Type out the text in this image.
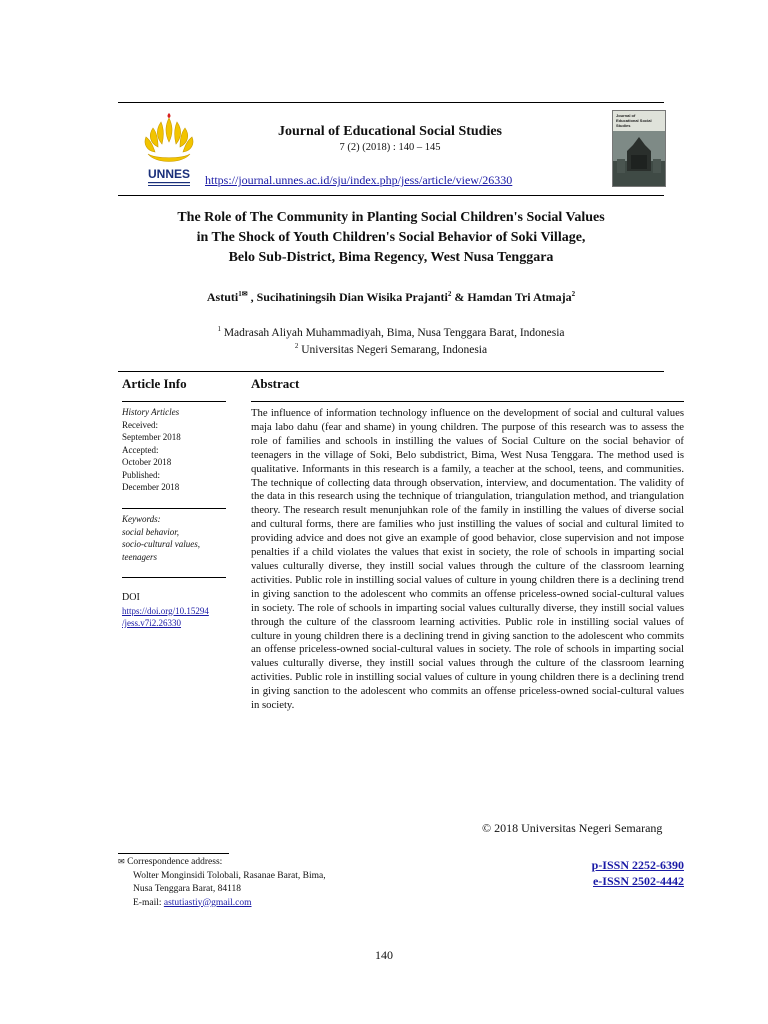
UNNES
Journal of Educational Social Studies
7 (2) (2018) : 140 – 145
https://journal.unnes.ac.id/sju/index.php/jess/article/view/26330
Journal of Educational Social Studies
The Role of The Community in Planting Social Children's Social Values
in The Shock of Youth Children's Social Behavior of Soki Village,
Belo Sub-District, Bima Regency, West Nusa Tenggara
Astuti$^{1✉}$ , Sucihatiningsih Dian Wisika Prajanti$^2$ & Hamdan Tri Atmaja$^2$
$^1$ Madrasah Aliyah Muhammadiyah, Bima, Nusa Tenggara Barat, Indonesia
$^2$ Universitas Negeri Semarang, Indonesia
Article Info	Abstract
History Articles
Received:
September 2018
Accepted:
October 2018
Published:
December 2018
Keywords:
social behavior,
socio-cultural values,
teenagers
DOI
https://doi.org/10.15294
/jess.v7i2.26330
The influence of information technology influence on the development of social and cultural values maja labo dahu (fear and shame) in young children. The purpose of this research was to assess the role of families and schools in instilling the values of Social Culture on the social behavior of teenagers in the village of Soki, Belo subdistrict, Bima, West Nusa Tenggara. The method used is qualitative. Informants in this research is a family, a teacher at the school, teens, and communities. The technique of collecting data through observation, interview, and documentation. The validity of the data in this research using the technique of triangulation, triangulation method, and triangulation theory. The research result menunjuhkan role of the family in instilling the values of diverse social and cultural forms, there are families who just instilling the values of social and cultural limited to providing advice and does not give an example of good behavior, close supervision and not impose penalties if a child violates the values that exist in society, the role of schools in imparting social values culturally diverse, they instill social values through the culture of the classroom learning activities. Public role in instilling social values of culture in young children there is a declining trend in giving sanction to the adolescent who commits an offense priceless-owned social-cultural values in society. The role of schools in imparting social values culturally diverse, they instill social values through the culture of the classroom learning activities. Public role in instilling social values of culture in young children there is a declining trend in giving sanction to the adolescent who commits an offense priceless-owned social-cultural values in society. The role of schools in imparting social values culturally diverse, they instill social values through the culture of the classroom learning activities. Public role in instilling social values of culture in young children there is a declining trend in giving sanction to the adolescent who commits an offense priceless-owned social-cultural values in society.
© 2018 Universitas Negeri Semarang
✉ Correspondence address:
Wolter Monginsidi Tolobali, Rasanae Barat, Bima,
Nusa Tenggara Barat, 84118
E-mail: astutiastiy@gmail.com
p-ISSN 2252-6390
e-ISSN 2502-4442
140
